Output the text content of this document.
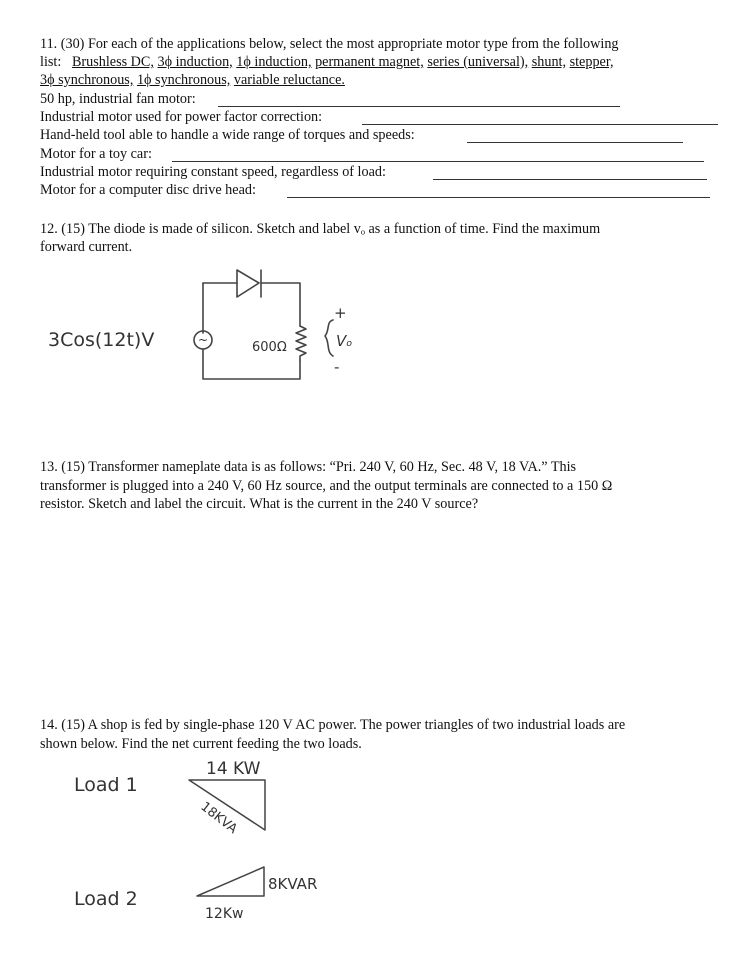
11. (30) For each of the applications below, select the most appropriate motor type from the following
list: Brushless DC, 3ϕ induction, 1ϕ induction, permanent magnet, series (universal), shunt, stepper,
3ϕ synchronous, 1ϕ synchronous, variable reluctance.
50 hp, industrial fan motor:
Industrial motor used for power factor correction:
Hand-held tool able to handle a wide range of torques and speeds:
Motor for a toy car:
Industrial motor requiring constant speed, regardless of load:
Motor for a computer disc drive head:
12. (15) The diode is made of silicon. Sketch and label vₒ as a function of time. Find the maximum
forward current.
~
3Cos(12t)V	600Ω
+
Vₒ
-
13. (15) Transformer nameplate data is as follows: “Pri. 240 V, 60 Hz, Sec. 48 V, 18 VA.” This
transformer is plugged into a 240 V, 60 Hz source, and the output terminals are connected to a 150 Ω
resistor. Sketch and label the circuit. What is the current in the 240 V source?
14. (15) A shop is fed by single-phase 120 V AC power. The power triangles of two industrial loads are
shown below. Find the net current feeding the two loads.
Load 1
14 KW
18KVA
Load 2
8KVAR
12Kw
